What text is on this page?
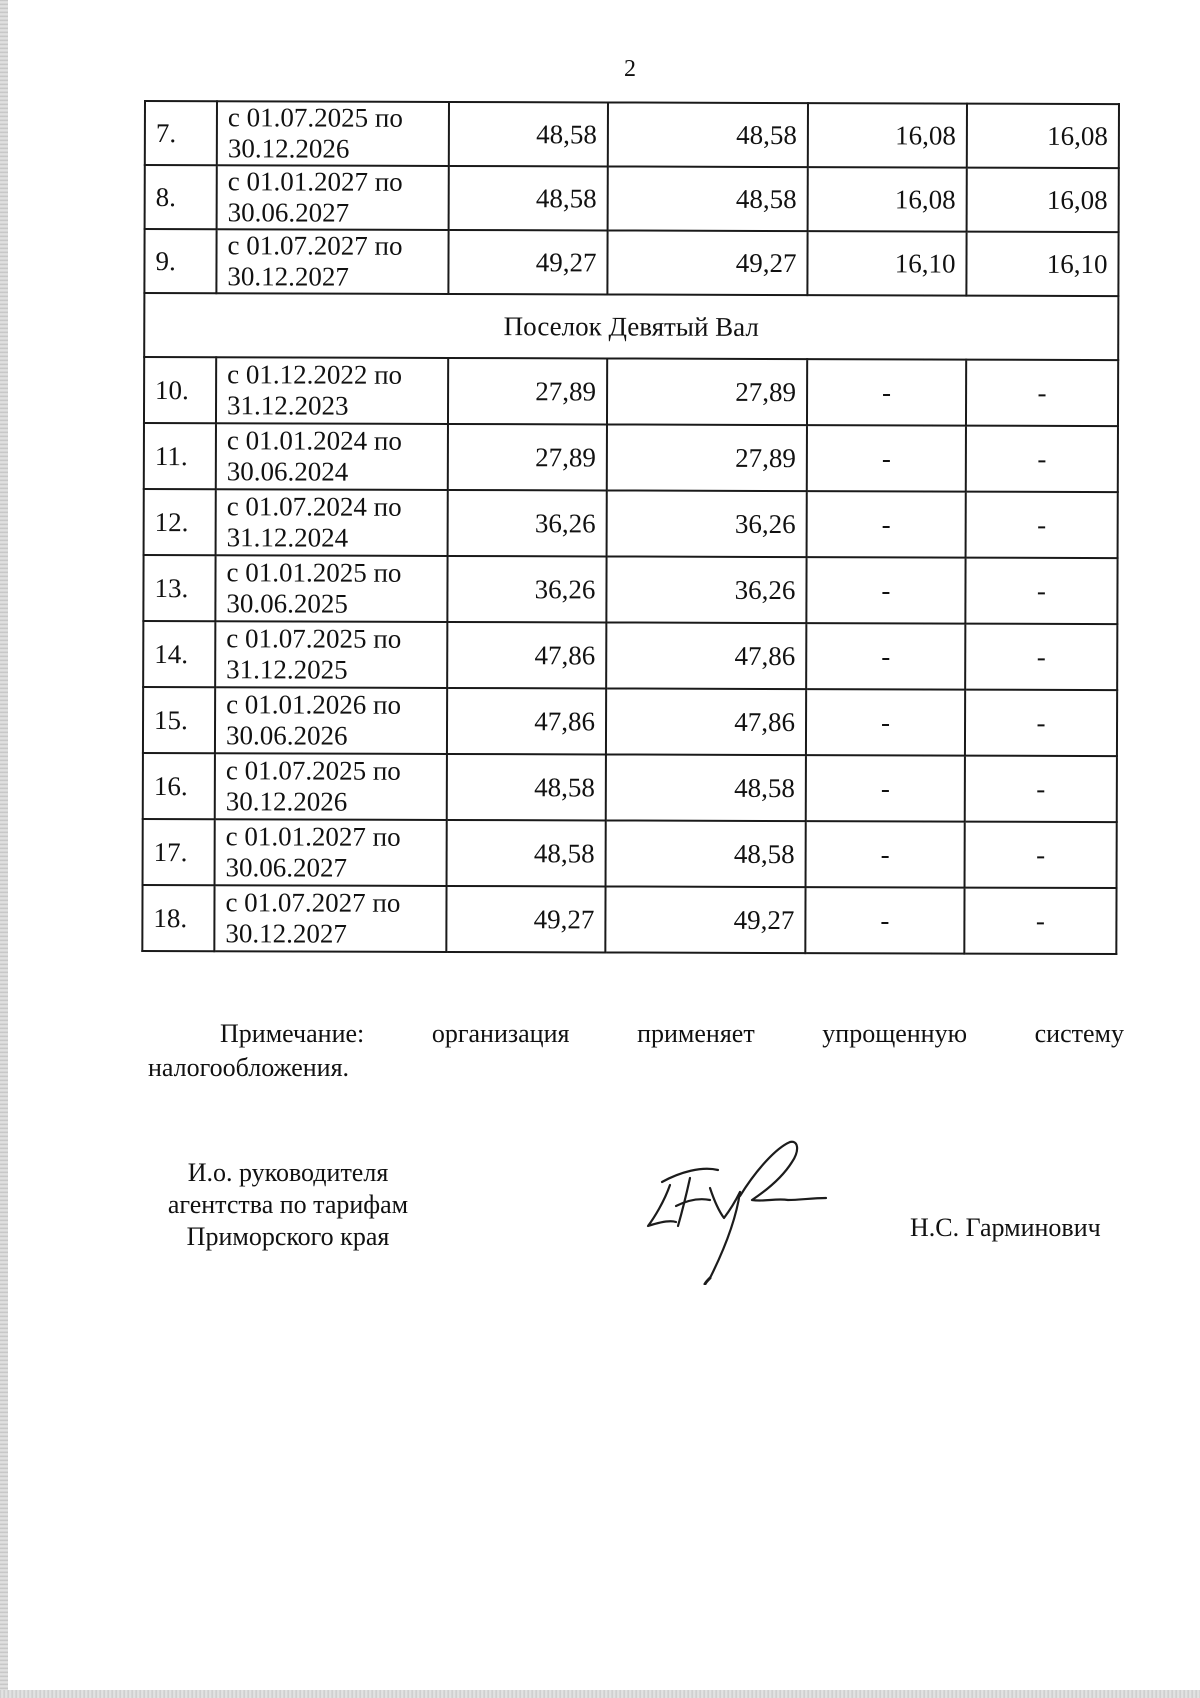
2
7.	с 01.07.2025 по
30.12.2026	48,58	48,58	16,08	16,08
8.	с 01.01.2027 по
30.06.2027	48,58	48,58	16,08	16,08
9.	с 01.07.2027 по
30.12.2027	49,27	49,27	16,10	16,10
Поселок Девятый Вал					
10.	с 01.12.2022 по
31.12.2023	27,89	27,89	-	-
11.	с 01.01.2024 по
30.06.2024	27,89	27,89	-	-
12.	с 01.07.2024 по
31.12.2024	36,26	36,26	-	-
13.	с 01.01.2025 по
30.06.2025	36,26	36,26	-	-
14.	с 01.07.2025 по
31.12.2025	47,86	47,86	-	-
15.	с 01.01.2026 по
30.06.2026	47,86	47,86	-	-
16.	с 01.07.2025 по
30.12.2026	48,58	48,58	-	-
17.	с 01.01.2027 по
30.06.2027	48,58	48,58	-	-
18.	с 01.07.2027 по
30.12.2027	49,27	49,27	-	-
Примечание:	организация	применяет	упрощенную	систему
налогообложения.
И.о. руководителя
агентства по тарифам
Приморского края	Н.С. Гарминович
